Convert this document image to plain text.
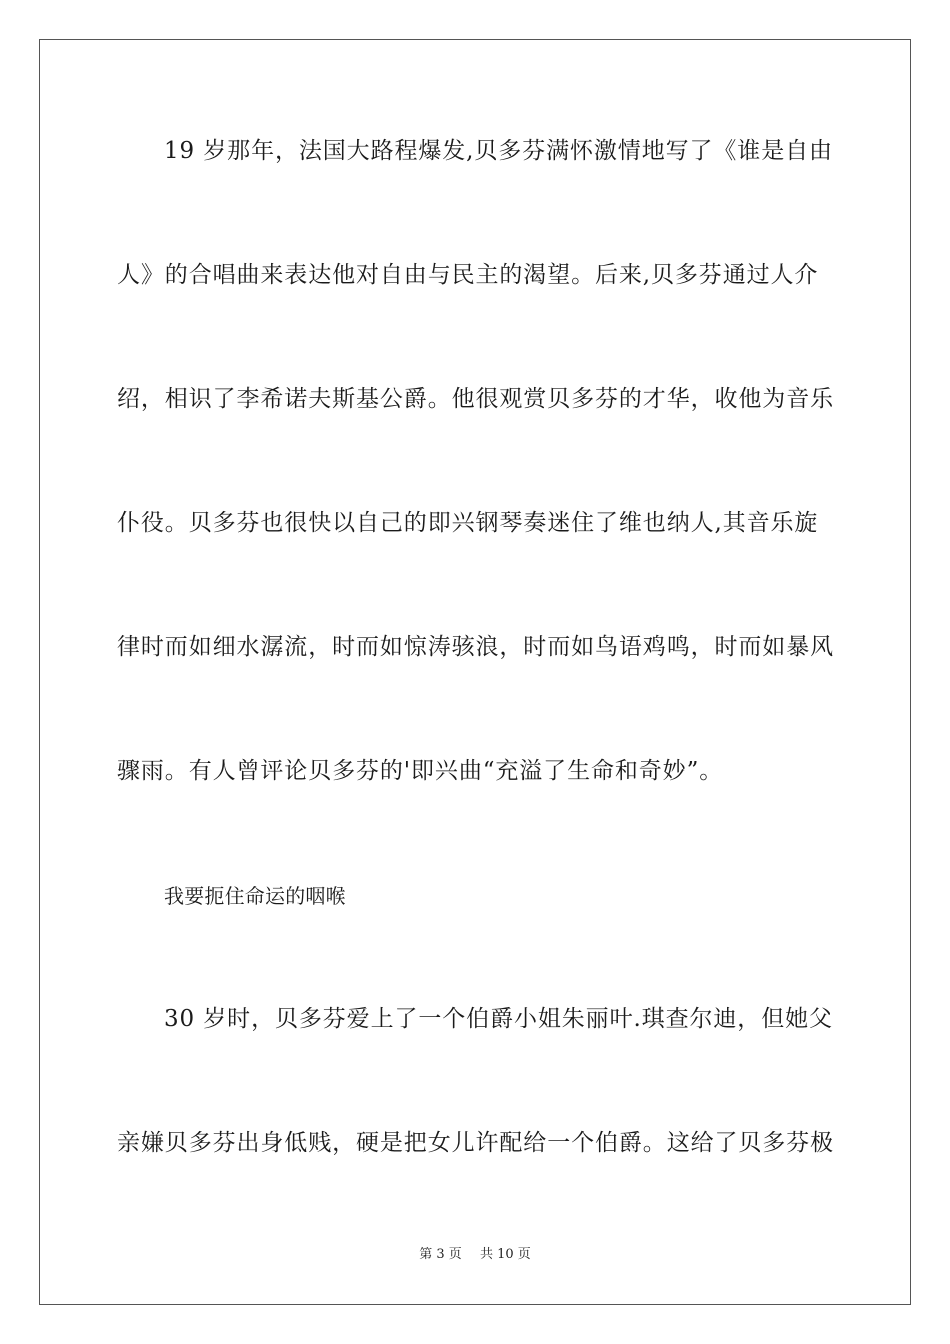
19 岁那年，法国大路程爆发,贝多芬满怀激情地写了《谁是自由
人》的合唱曲来表达他对自由与民主的渴望。后来,贝多芬通过人介
绍，相识了李希诺夫斯基公爵。他很观赏贝多芬的才华，收他为音乐
仆役。贝多芬也很快以自己的即兴钢琴奏迷住了维也纳人,其音乐旋
律时而如细水潺流，时而如惊涛骇浪，时而如鸟语鸡鸣，时而如暴风
骤雨。有人曾评论贝多芬的'即兴曲“充溢了生命和奇妙”。
我要扼住命运的咽喉
30 岁时，贝多芬爱上了一个伯爵小姐朱丽叶.琪查尔迪，但她父
亲嫌贝多芬出身低贱，硬是把女儿许配给一个伯爵。这给了贝多芬极
第 3 页 共 10 页
